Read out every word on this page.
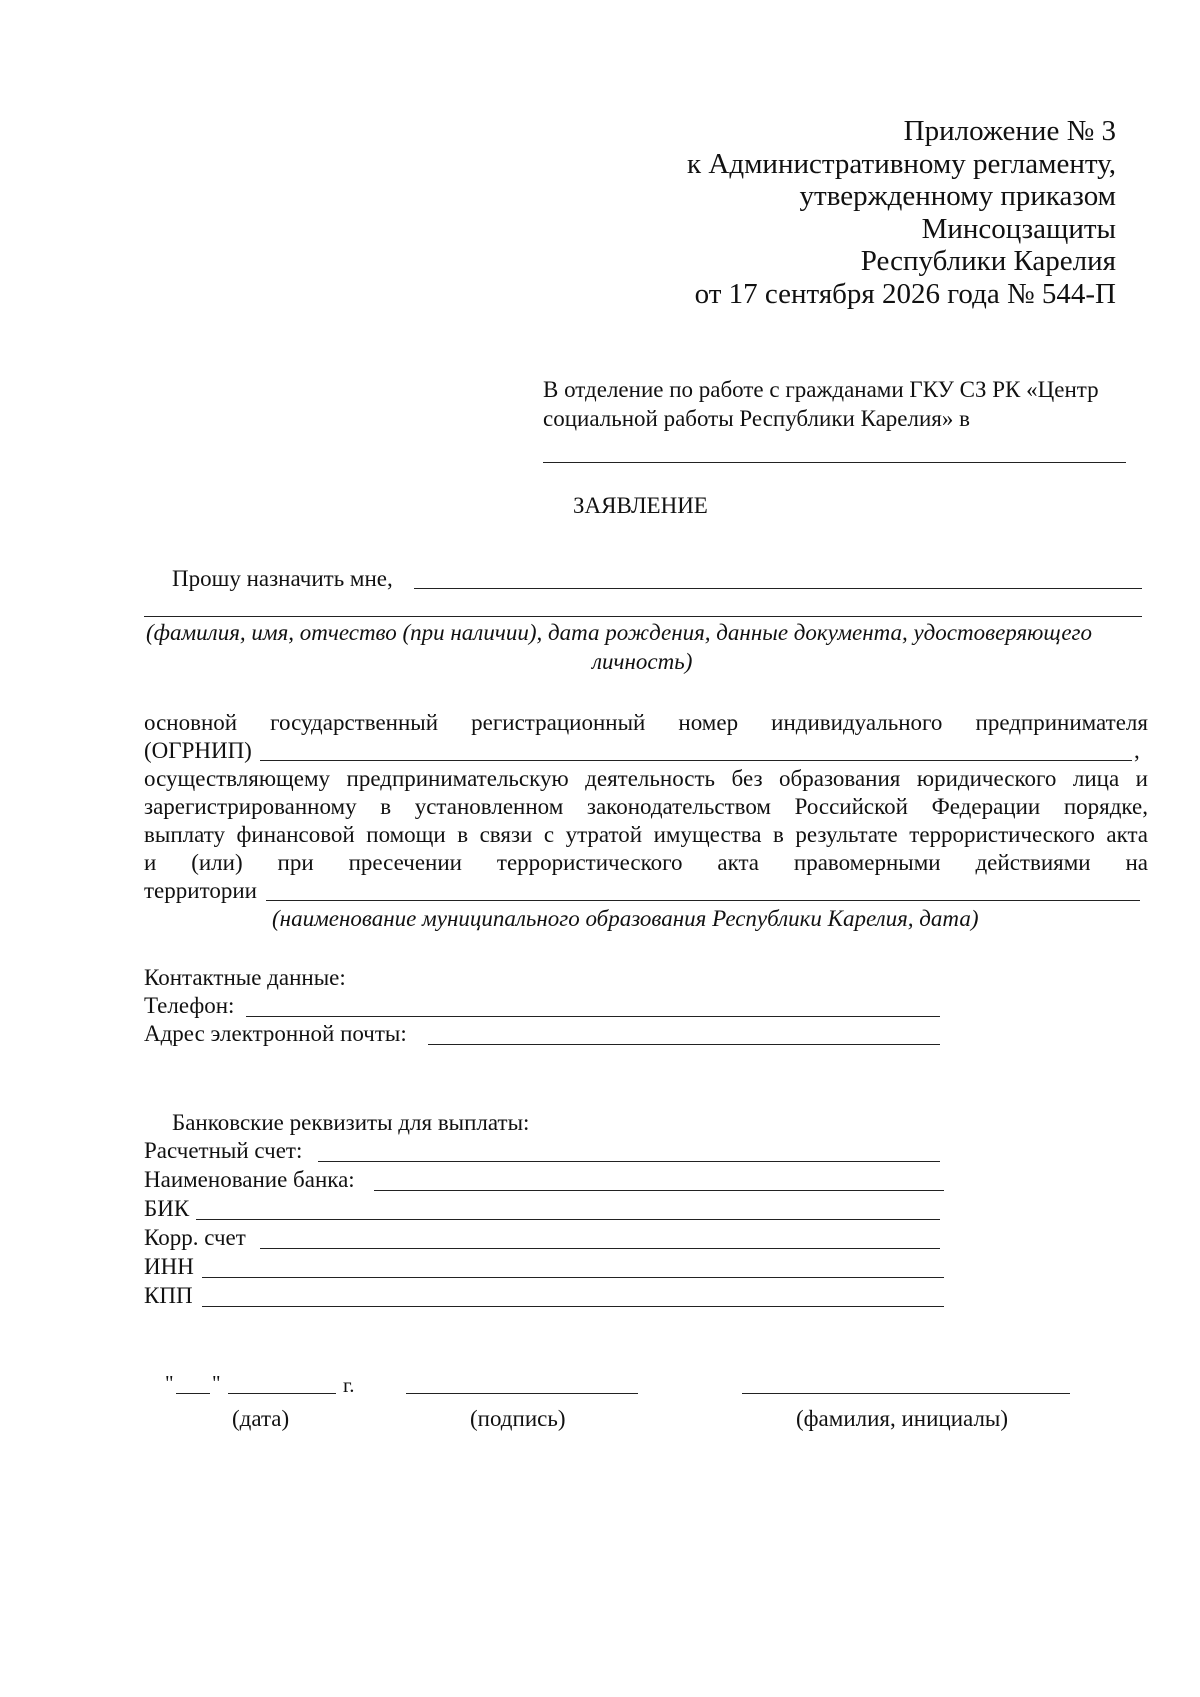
Приложение № 3
к Административному регламенту,
утвержденному приказом
Минсоцзащиты
Республики Карелия
от 17 сентября 2026 года № 544-П
В отделение по работе с гражданами ГКУ СЗ РК «Центр
социальной работы Республики Карелия» в
ЗАЯВЛЕНИЕ
Прошу назначить мне,
(фамилия, имя, отчество (при наличии), дата рождения, данные документа, удостоверяющего
личность)
основной государственный регистрационный номер индивидуального предпринимателя
(ОГРНИП)	,
осуществляющему предпринимательскую деятельность без образования юридического лица и
зарегистрированному в установленном законодательством Российской Федерации порядке,
выплату финансовой помощи в связи с утратой имущества в результате террористического акта
и (или) при пресечении террористического акта правомерными действиями на
территории
(наименование муниципального образования Республики Карелия, дата)
Контактные данные:
Телефон:
Адрес электронной почты:
Банковские реквизиты для выплаты:
Расчетный счет:
Наименование банка:
БИК
Корр. счет
ИНН
КПП
" "	г.
(дата)	(подпись)	(фамилия, инициалы)
